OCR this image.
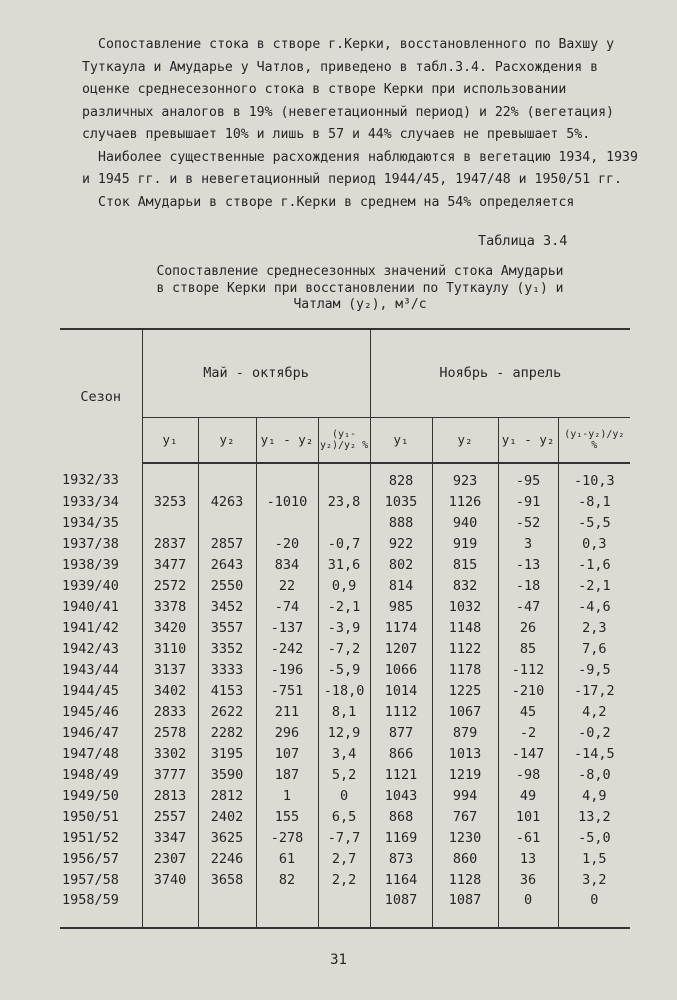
Сопоставление стока в створе г.Керки, восстановленного по Вахшу у Туткаула и Амударье у Чатлов, приведено в табл.3.4. Расхождения в оценке среднесезонного стока в створе Керки при использовании различных аналогов в 19% (невегетационный период) и 22% (вегетация) случаев превышает 10% и лишь в 57 и 44% случаев не превышает 5%.

Наиболее существенные расхождения наблюдаются в вегетацию 1934, 1939 и 1945 гг. и в невегетационный период 1944/45, 1947/48 и 1950/51 гг.

Сток Амударьи в створе г.Керки в среднем на 54% определяется

Таблица 3.4
Сопоставление среднесезонных значений стока Амударьи
в створе Керки при восстановлении по Туткаулу (y₁) и
Чатлам (y₂), м³/с
Сезон	Май - октябрь				Ноябрь - апрель			
	y₁	y₂	y₁ - y₂	(y₁-y₂)/y₂ %	y₁	y₂	y₁ - y₂	(y₁-y₂)/y₂ %
1932/33					828	923	-95	-10,3
1933/34	3253	4263	-1010	23,8	1035	1126	-91	-8,1
1934/35					888	940	-52	-5,5
1937/38	2837	2857	-20	-0,7	922	919	3	0,3
1938/39	3477	2643	834	31,6	802	815	-13	-1,6
1939/40	2572	2550	22	0,9	814	832	-18	-2,1
1940/41	3378	3452	-74	-2,1	985	1032	-47	-4,6
1941/42	3420	3557	-137	-3,9	1174	1148	26	2,3
1942/43	3110	3352	-242	-7,2	1207	1122	85	7,6
1943/44	3137	3333	-196	-5,9	1066	1178	-112	-9,5
1944/45	3402	4153	-751	-18,0	1014	1225	-210	-17,2
1945/46	2833	2622	211	8,1	1112	1067	45	4,2
1946/47	2578	2282	296	12,9	877	879	-2	-0,2
1947/48	3302	3195	107	3,4	866	1013	-147	-14,5
1948/49	3777	3590	187	5,2	1121	1219	-98	-8,0
1949/50	2813	2812	1	0	1043	994	49	4,9
1950/51	2557	2402	155	6,5	868	767	101	13,2
1951/52	3347	3625	-278	-7,7	1169	1230	-61	-5,0
1956/57	2307	2246	61	2,7	873	860	13	1,5
1957/58	3740	3658	82	2,2	1164	1128	36	3,2
1958/59					1087	1087	0	0
31
